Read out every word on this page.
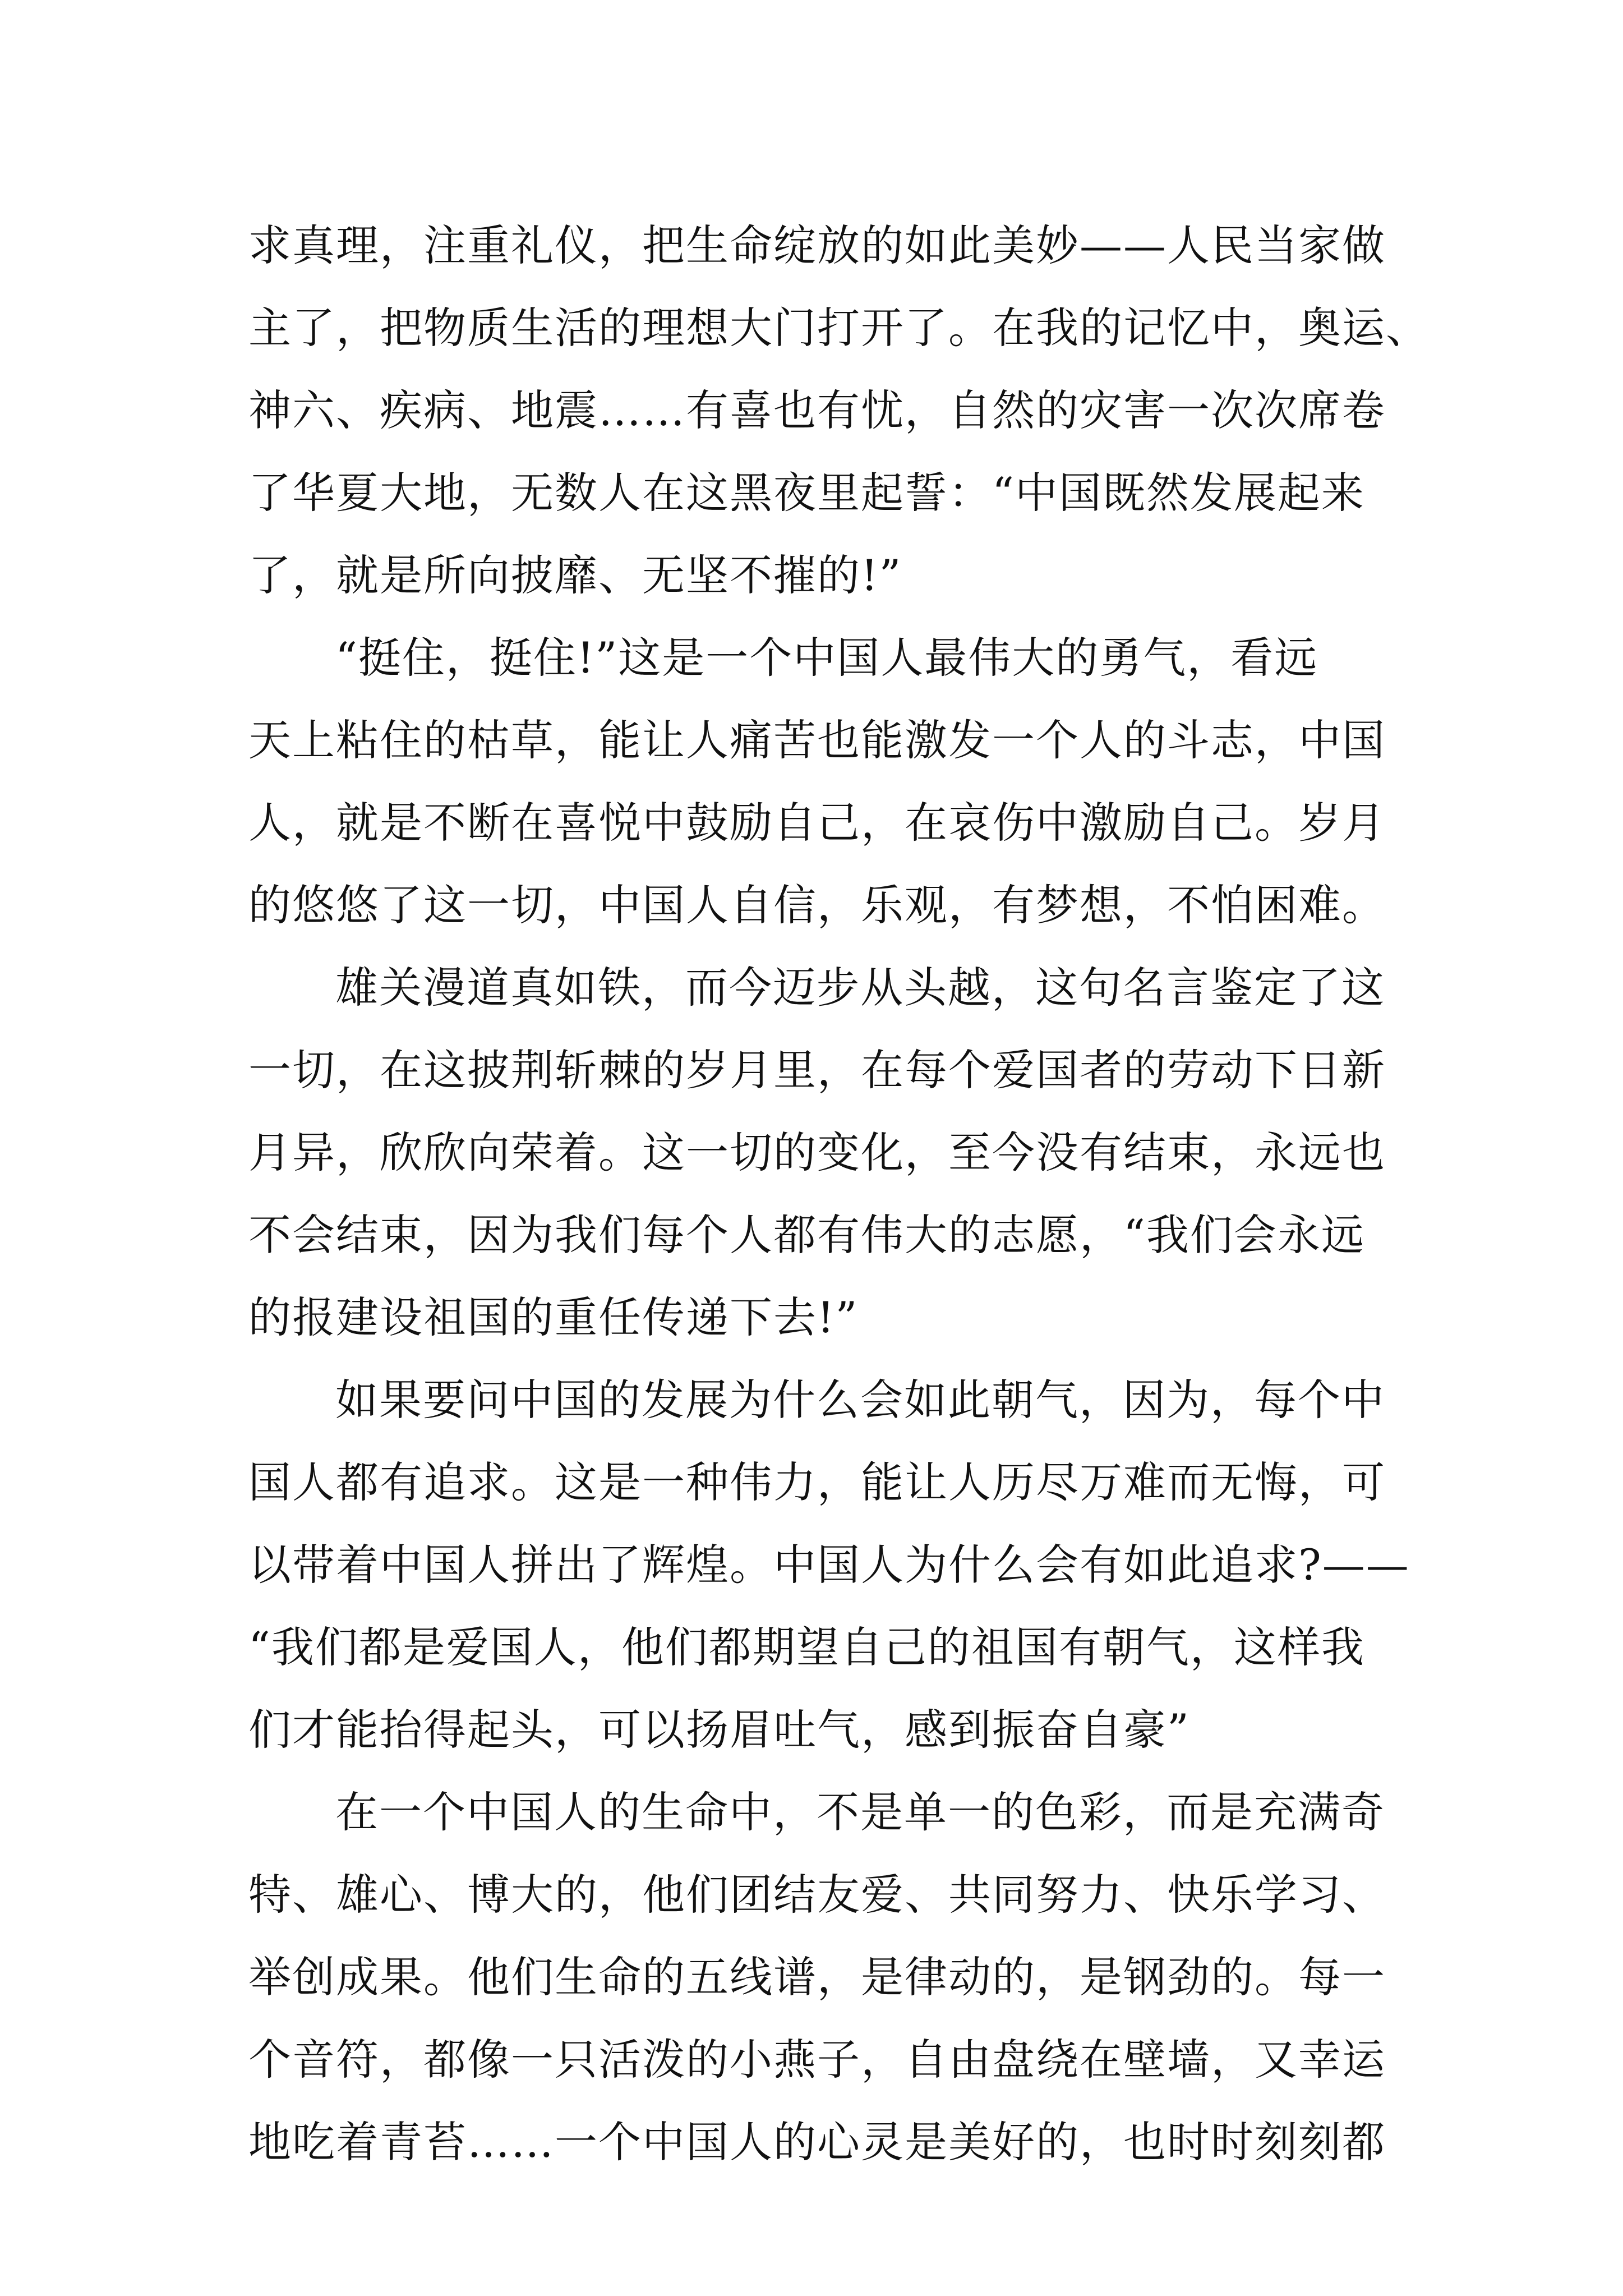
求真理，注重礼仪，把生命绽放的如此美妙——人民当家做
主了，把物质生活的理想大门打开了。在我的记忆中，奥运、
神六、疾病、地震……有喜也有忧，自然的灾害一次次席卷
了华夏大地，无数人在这黑夜里起誓：“中国既然发展起来
了，就是所向披靡、无坚不摧的!”
“挺住，挺住!”这是一个中国人最伟大的勇气，看远
天上粘住的枯草，能让人痛苦也能激发一个人的斗志，中国
人，就是不断在喜悦中鼓励自己，在哀伤中激励自己。岁月
的悠悠了这一切，中国人自信，乐观，有梦想，不怕困难。
雄关漫道真如铁，而今迈步从头越，这句名言鉴定了这
一切，在这披荆斩棘的岁月里，在每个爱国者的劳动下日新
月异，欣欣向荣着。这一切的变化，至今没有结束，永远也
不会结束，因为我们每个人都有伟大的志愿，“我们会永远
的报建设祖国的重任传递下去!”
如果要问中国的发展为什么会如此朝气，因为，每个中
国人都有追求。这是一种伟力，能让人历尽万难而无悔，可
以带着中国人拼出了辉煌。中国人为什么会有如此追求?——
“我们都是爱国人，他们都期望自己的祖国有朝气，这样我
们才能抬得起头，可以扬眉吐气，感到振奋自豪”
在一个中国人的生命中，不是单一的色彩，而是充满奇
特、雄心、博大的，他们团结友爱、共同努力、快乐学习、
举创成果。他们生命的五线谱，是律动的，是钢劲的。每一
个音符，都像一只活泼的小燕子，自由盘绕在壁墙，又幸运
地吃着青苔……一个中国人的心灵是美好的，也时时刻刻都
